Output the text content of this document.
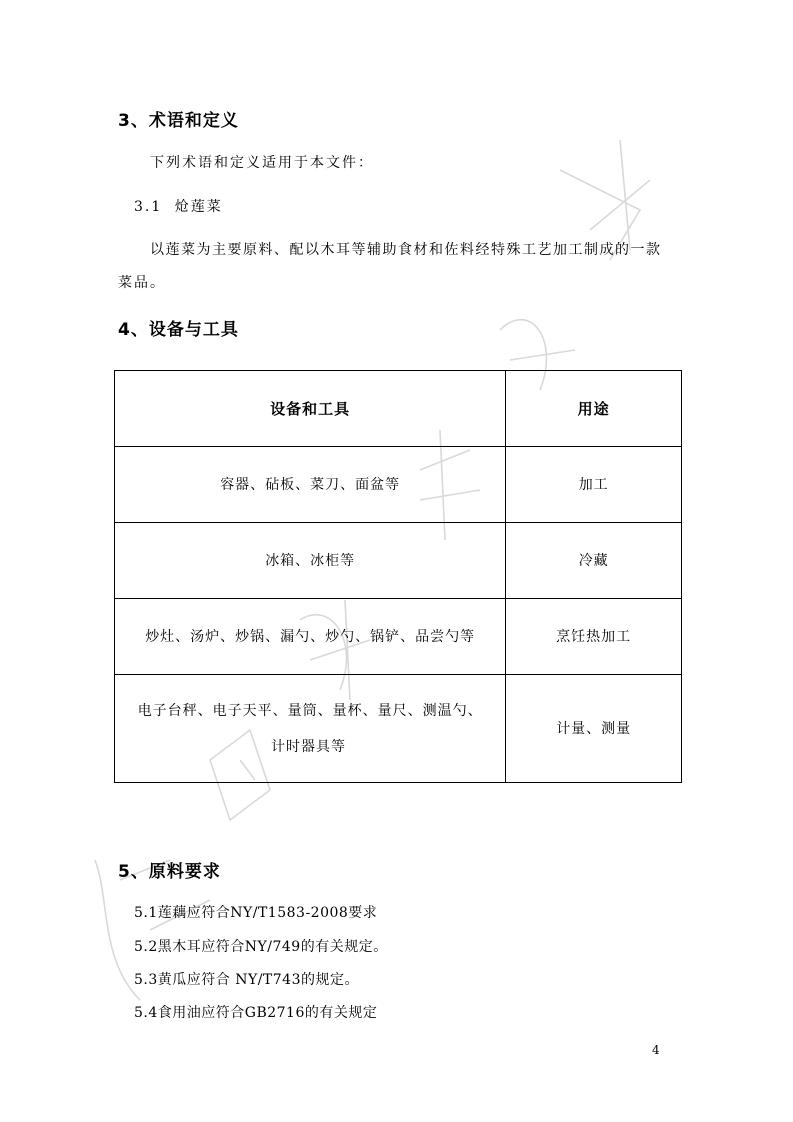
3、术语和定义
下列术语和定义适用于本文件：
3.1 炝莲菜
以莲菜为主要原料、配以木耳等辅助食材和佐料经特殊工艺加工制成的一款
菜品。
4、设备与工具
设备和工具	用途
容器、砧板、菜刀、面盆等	加工
冰箱、冰柜等	冷藏
炒灶、汤炉、炒锅、漏勺、炒勺、锅铲、品尝勺等	烹饪热加工

电子台秤、电子天平、量筒、量杯、量尺、测温勺、
计时器具等	计量、测量
5、原料要求
5.1莲藕应符合NY/T1583-2008要求
5.2黑木耳应符合NY/749的有关规定。
5.3黄瓜应符合 NY/T743的规定。
5.4食用油应符合GB2716的有关规定
4
